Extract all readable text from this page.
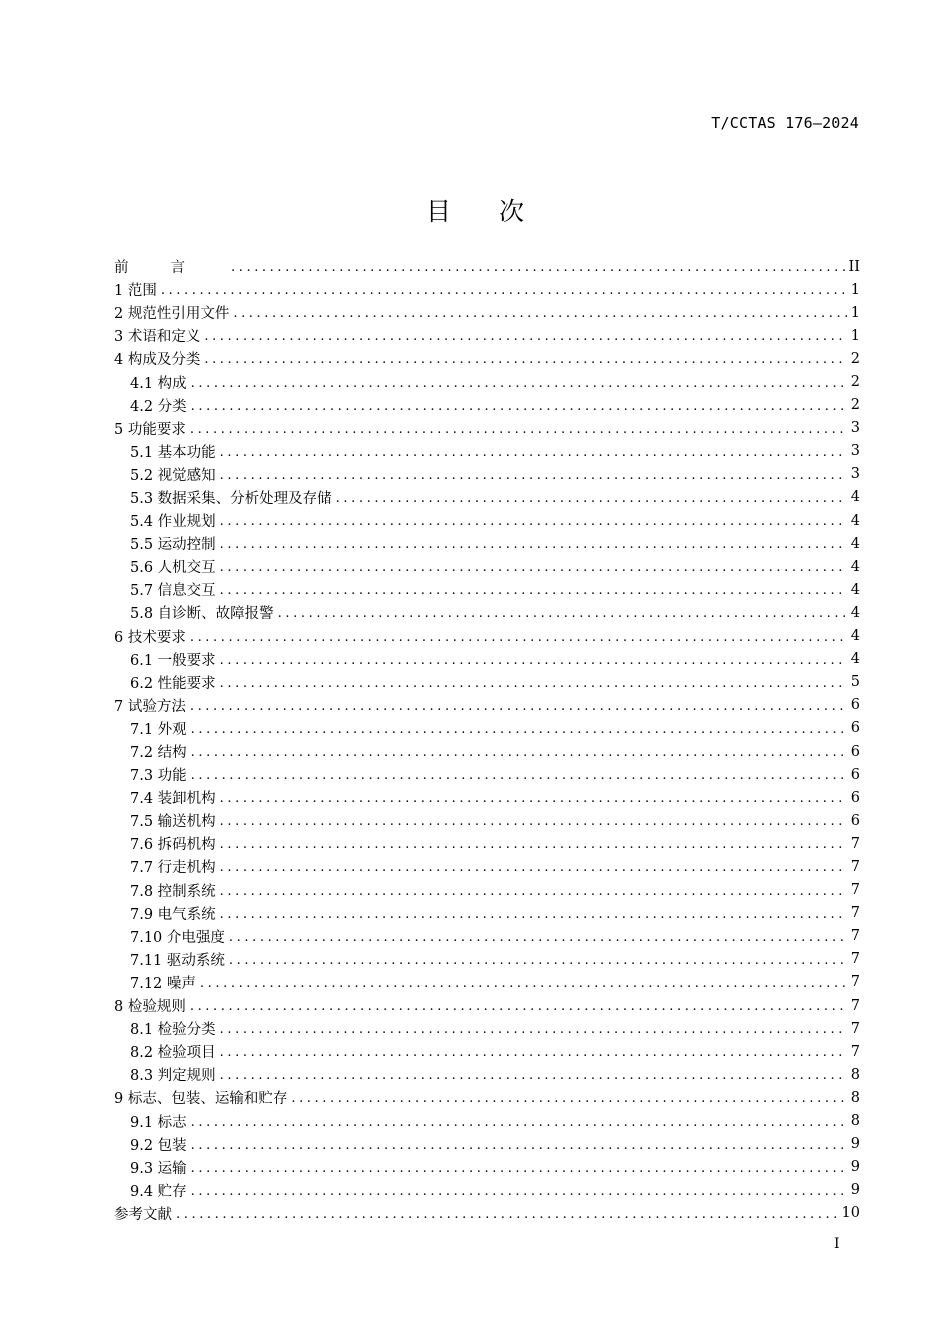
T/CCTAS 176—2024
目 次
前言 .....	II
1 范围 .....	1
2 规范性引用文件 .....	1
3 术语和定义 .....	1
4 构成及分类 .....	2
4.1 构成 .....	2
4.2 分类 .....	2
5 功能要求 .....	3
5.1 基本功能 .....	3
5.2 视觉感知 .....	3
5.3 数据采集、分析处理及存储 .....	4
5.4 作业规划 .....	4
5.5 运动控制 .....	4
5.6 人机交互 .....	4
5.7 信息交互 .....	4
5.8 自诊断、故障报警 .....	4
6 技术要求 .....	4
6.1 一般要求 .....	4
6.2 性能要求 .....	5
7 试验方法 .....	6
7.1 外观 .....	6
7.2 结构 .....	6
7.3 功能 .....	6
7.4 装卸机构 .....	6
7.5 输送机构 .....	6
7.6 拆码机构 .....	7
7.7 行走机构 .....	7
7.8 控制系统 .....	7
7.9 电气系统 .....	7
7.10 介电强度 .....	7
7.11 驱动系统 .....	7
7.12 噪声 .....	7
8 检验规则 .....	7
8.1 检验分类 .....	7
8.2 检验项目 .....	7
8.3 判定规则 .....	8
9 标志、包装、运输和贮存 .....	8
9.1 标志 .....	8
9.2 包装 .....	9
9.3 运输 .....	9
9.4 贮存 .....	9
参考文献 .....	10
I
